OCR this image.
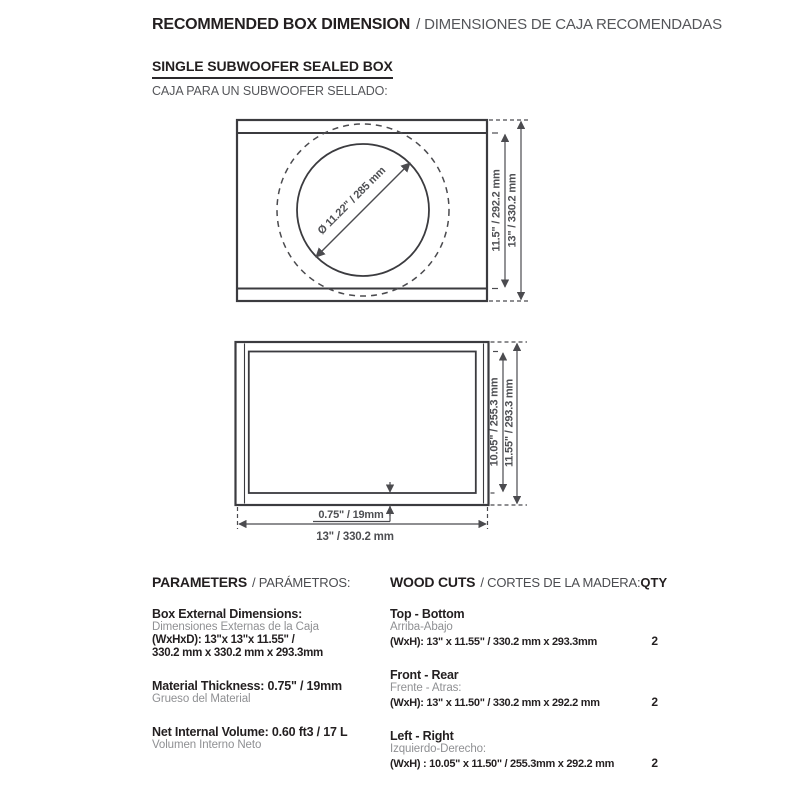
RECOMMENDED BOX DIMENSION / DIMENSIONES DE CAJA RECOMENDADAS
SINGLE SUBWOOFER SEALED BOX
CAJA PARA UN SUBWOOFER SELLADO:
Ø 11.22" / 285 mm	11.5" / 292.2 mm 13" / 330.2 mm
10.05" / 255.3 mm 11.55" / 293.3 mm
0.75" / 19mm
13" / 330.2 mm
PARAMETERS / PARÁMETROS:
Box External Dimensions:
Dimensiones Externas de la Caja
(WxHxD): 13"x 13"x 11.55" /
330.2 mm x 330.2 mm x 293.3mm
Material Thickness: 0.75" / 19mm
Grueso del Material
Net Internal Volume: 0.60 ft3 / 17 L
Volumen Interno Neto
WOOD CUTS / CORTES DE LA MADERA: QTY
Top - Bottom
Arriba-Abajo
(WxH): 13" x 11.55" / 330.2 mm x 293.3mm	2
Front - Rear
Frente - Atras:
(WxH): 13" x 11.50" / 330.2 mm x 292.2 mm	2
Left - Right
Izquierdo-Derecho:
(WxH) : 10.05" x 11.50" / 255.3mm x 292.2 mm	2
